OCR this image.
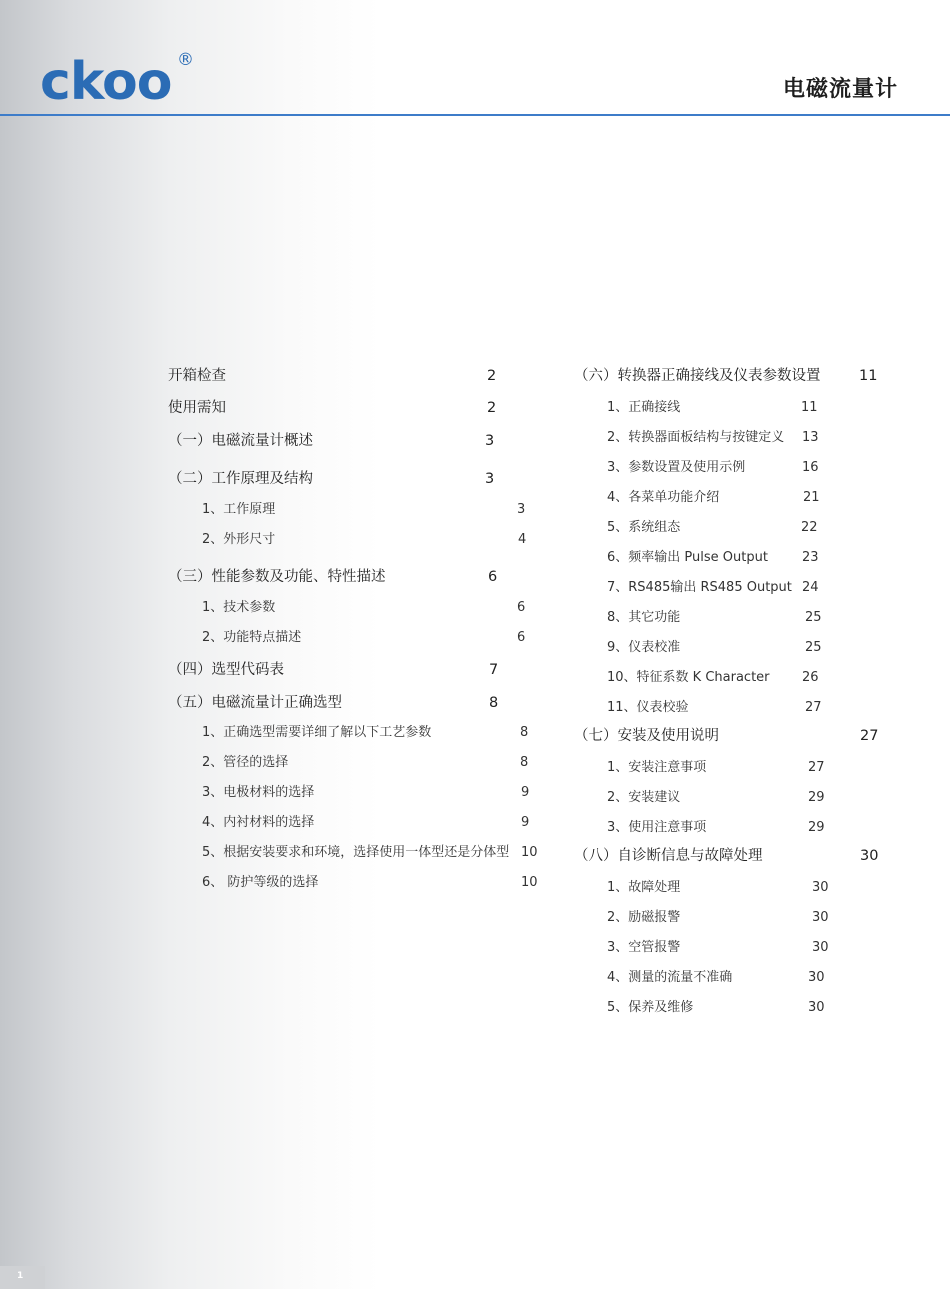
ckoo ®
电磁流量计
开箱检查	2
使用需知	2
（一）电磁流量计概述	3
（二）工作原理及结构	3
1、工作原理	3
2、外形尺寸	4
（三）性能参数及功能、特性描述	6
1、技术参数	6
2、功能特点描述	6
（四）选型代码表	7
（五）电磁流量计正确选型	8
1、正确选型需要详细了解以下工艺参数	8
2、管径的选择	8
3、电极材料的选择	9
4、内衬材料的选择	9
5、根据安装要求和环境，选择使用一体型还是分体型 10
6、 防护等级的选择	10
（六）转换器正确接线及仪表参数设置	11
1、正确接线	11
2、转换器面板结构与按键定义 13
3、参数设置及使用示例	16
4、各菜单功能介绍	21
5、系统组态	22
6、频率输出 Pulse Output	23
7、RS485输出 RS485 Output 24
8、其它功能	25
9、仪表校准	25
10、特征系数 K Character 26
11、仪表校验	27
（七）安装及使用说明	27
1、安装注意事项	27
2、安装建议	29
3、使用注意事项	29
（八）自诊断信息与故障处理	30
1、故障处理	30
2、励磁报警	30
3、空管报警	30
4、测量的流量不准确	30
5、保养及维修	30
1
